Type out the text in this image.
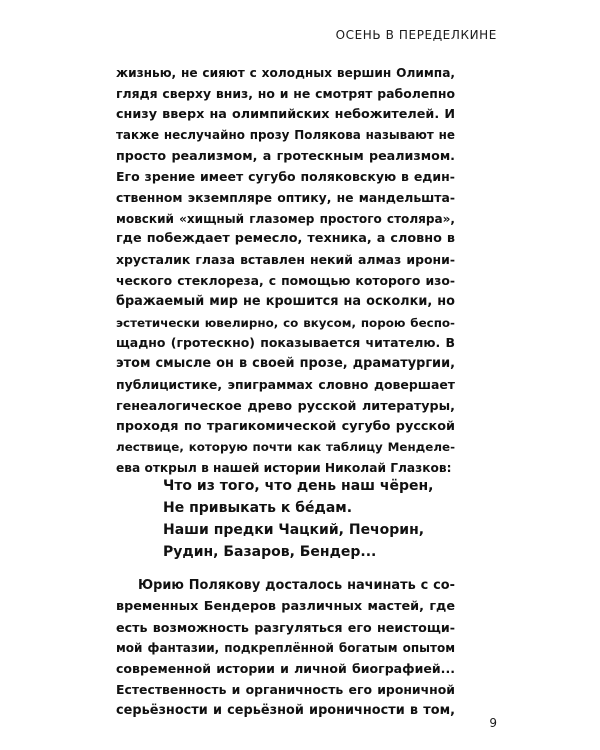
ОСЕНЬ В ПЕРЕДЕЛКИНЕ
жизнью, не сияют с холодных вершин Олимпа,
глядя сверху вниз, но и не смотрят раболепно
снизу вверх на олимпийских небожителей. И
также неслучайно прозу Полякова называют не
просто реализмом, а гротескным реализмом.
Его зрение имеет сугубо поляковскую в един-
ственном экземпляре оптику, не мандельшта-
мовский «хищный глазомер простого столяра»,
где побеждает ремесло, техника, а словно в
хрусталик глаза вставлен некий алмаз ирони-
ческого стеклореза, с помощью которого изо-
бражаемый мир не крошится на осколки, но
эстетически ювелирно, со вкусом, порою беспо-
щадно (гротескно) показывается читателю. В
этом смысле он в своей прозе, драматургии,
публицистике, эпиграммах словно довершает
генеалогическое древо русской литературы,
проходя по трагикомической сугубо русской
лествице, которую почти как таблицу Менделе-
ева открыл в нашей истории Николай Глазков:
Что из того, что день наш чёрен,
Не привыкать к бéдам.
Наши предки Чацкий, Печорин,
Рудин, Базаров, Бендер...
Юрию Полякову досталось начинать с со-
временных Бендеров различных мастей, где
есть возможность разгуляться его неистощи-
мой фантазии, подкреплённой богатым опытом
современной истории и личной биографией...
Естественность и органичность его ироничной
серьёзности и серьёзной ироничности в том,
9
